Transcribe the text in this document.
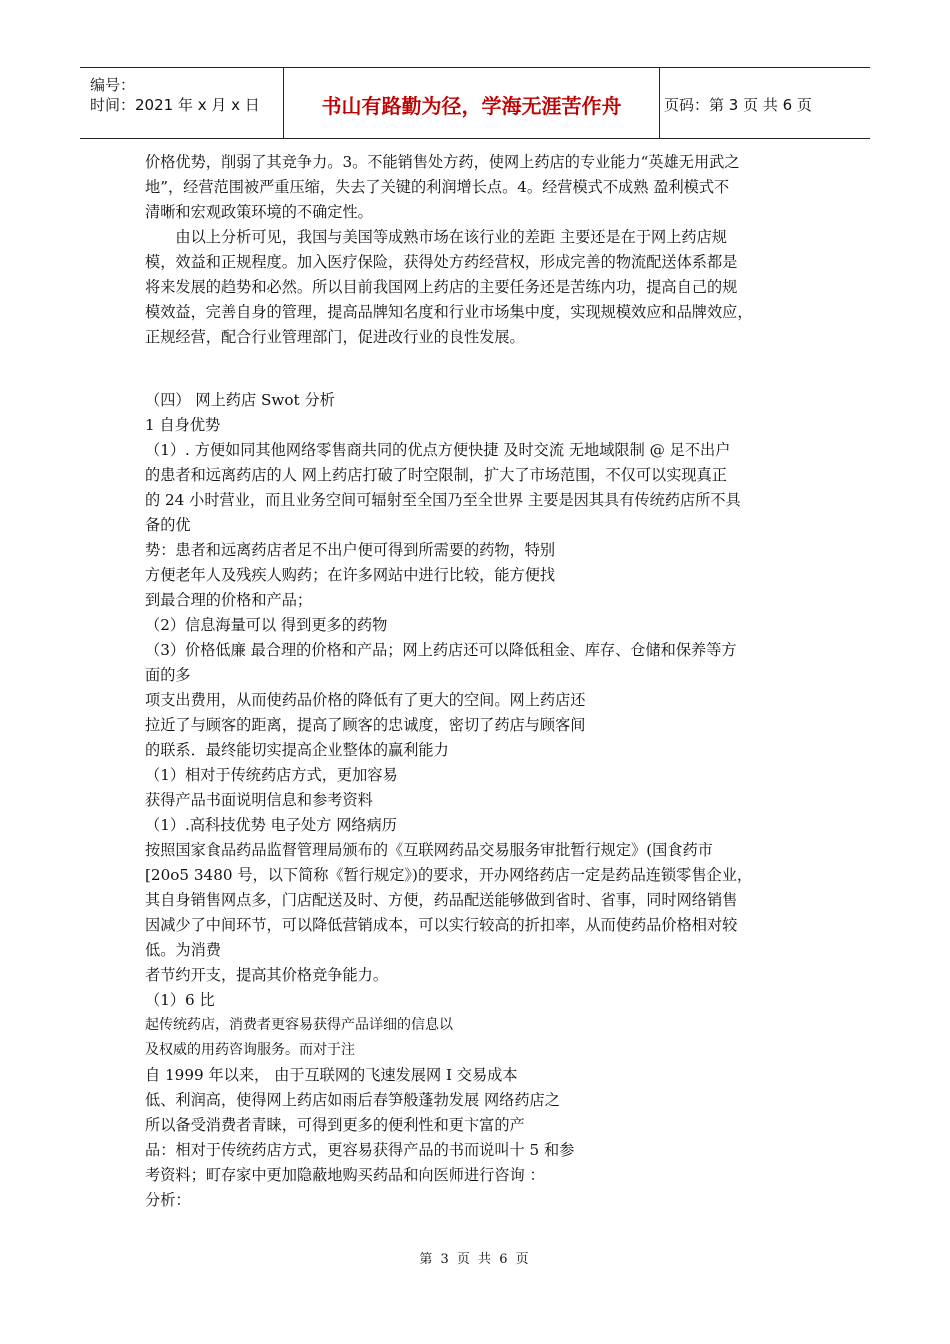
编号：
时间：2021 年 x 月 x 日	书山有路勤为径，学海无涯苦作舟	页码：第 3 页 共 6 页

价格优势，削弱了其竞争力。3。不能销售处方药，使网上药店的专业能力“英雄无用武之

地”，经营范围被严重压缩，失去了关键的利润增长点。4。经营模式不成熟 盈利模式不

清晰和宏观政策环境的不确定性。

由以上分析可见，我国与美国等成熟市场在该行业的差距 主要还是在于网上药店规

模，效益和正规程度。加入医疗保险，获得处方药经营权，形成完善的物流配送体系都是

将来发展的趋势和必然。所以目前我国网上药店的主要任务还是苦练内功，提高自己的规

模效益，完善自身的管理，提高品牌知名度和行业市场集中度，实现规模效应和品牌效应，

正规经营，配合行业管理部门，促进改行业的良性发展。

（四） 网上药店 Swot 分析

1 自身优势

（1）. 方便如同其他网络零售商共同的优点方便快捷 及时交流 无地域限制 @ 足不出户

的患者和远离药店的人 网上药店打破了时空限制，扩大了市场范围，不仅可以实现真正

的 24 小时营业，而且业务空间可辐射至全国乃至全世界 主要是因其具有传统药店所不具

备的优

势：患者和远离药店者足不出户便可得到所需要的药物，特别

方便老年人及残疾人购药；在许多网站中进行比较，能方便找

到最合理的价格和产品；

（2）信息海量可以 得到更多的药物

（3）价格低廉 最合理的价格和产品；网上药店还可以降低租金、库存、仓储和保养等方

面的多

项支出费用，从而使药品价格的降低有了更大的空间。网上药店还

拉近了与顾客的距离，提高了顾客的忠诚度，密切了药店与顾客间

的联系．最终能切实提高企业整体的赢利能力

（1）相对于传统药店方式，更加容易

获得产品书面说明信息和参考资料

（1）.高科技优势 电子处方 网络病历

按照国家食品药品监督管理局颁布的《互联网药品交易服务审批暂行规定》(国食药市

[20o5 3480 号，以下简称《暂行规定》)的要求，开办网络药店一定是药品连锁零售企业，

其自身销售网点多，门店配送及时、方便，药品配送能够做到省时、省事，同时网络销售

因减少了中间环节，可以降低营销成本，可以实行较高的折扣率，从而使药品价格相对较

低。为消费

者节约开支，提高其价格竞争能力。

（1）6 比

起传统药店，消费者更容易获得产品详细的信息以

及权威的用药咨询服务。而对于注

自 1999 年以来， 由于互联网的飞速发展网 I 交易成本

低、利润高，使得网上药店如雨后春笋般蓬勃发展 网络药店之

所以备受消费者青睐，可得到更多的便利性和更卞富的产

品：相对于传统药店方式，更容易获得产品的书而说叫十 5 和参

考资料；町存家中更加隐蔽地购买药品和向医师进行咨询 ：

分析：

第 3 页 共 6 页
